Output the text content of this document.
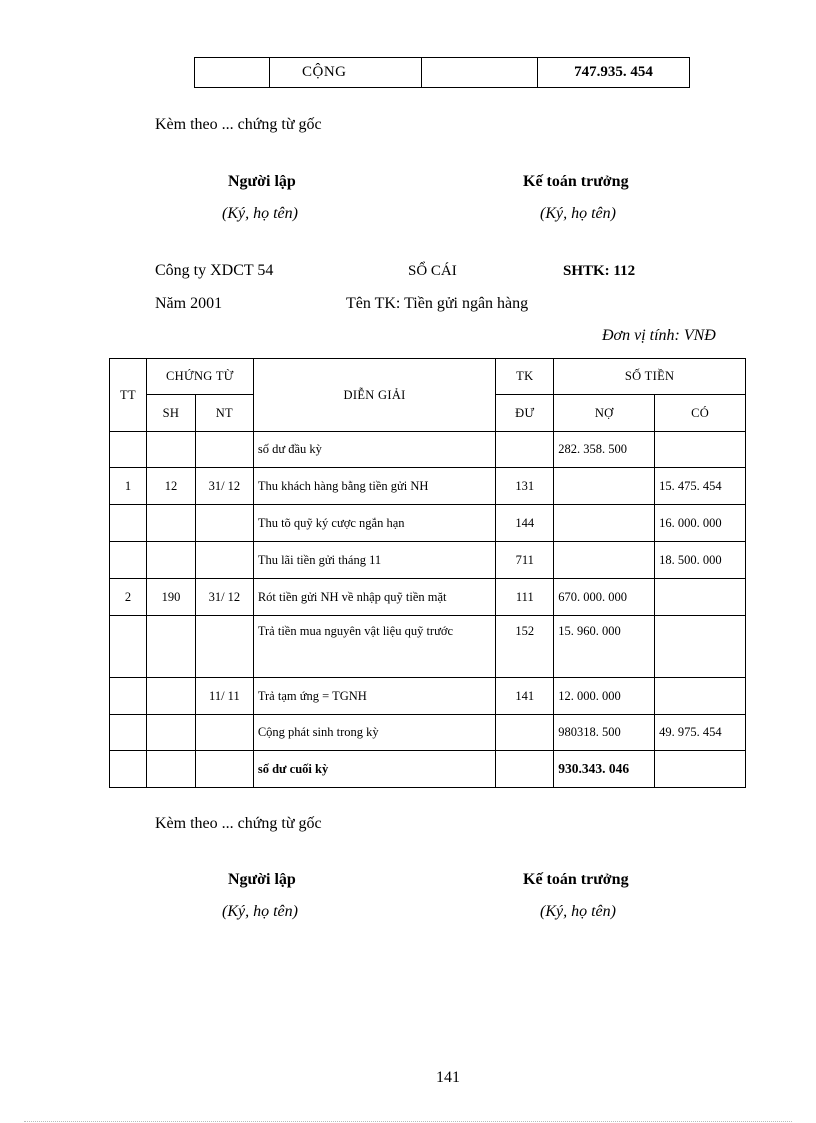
	CỘNG		747.935. 454
Kèm theo ... chứng từ gốc
Người lập
(Ký, họ tên)
Kế toán trưởng
(Ký, họ tên)
Công ty XDCT 54	SỔ CÁI	SHTK: 112
Năm 2001	Tên TK: Tiền gửi ngân hàng
Đơn vị tính: VNĐ
TT	CHỨNG TỪ		DIỄN GIẢI	TK	SỐ TIỀN	
	SH	NT		ĐƯ	NỢ	CÓ
			số dư đầu kỳ		282. 358. 500	
1	12	31/ 12	Thu khách hàng bằng tiền gửi NH	131		15. 475. 454
			Thu tõ quỹ ký cược ngắn hạn	144		16. 000. 000
			Thu lãi tiền gửi tháng 11	711		18. 500. 000
2	190	31/ 12	Rót tiền gửi NH về nhập quỹ tiền mặt	111	670. 000. 000	
			Trả tiền mua nguyên vật liệu quỹ trước	152	15. 960. 000	
		11/ 11	Trả tạm ứng = TGNH	141	12. 000. 000	
			Cộng phát sinh trong kỳ		980318. 500	49. 975. 454
			số dư cuối kỳ		930.343. 046	
Kèm theo ... chứng từ gốc
Người lập
(Ký, họ tên)
Kế toán trưởng
(Ký, họ tên)
141
